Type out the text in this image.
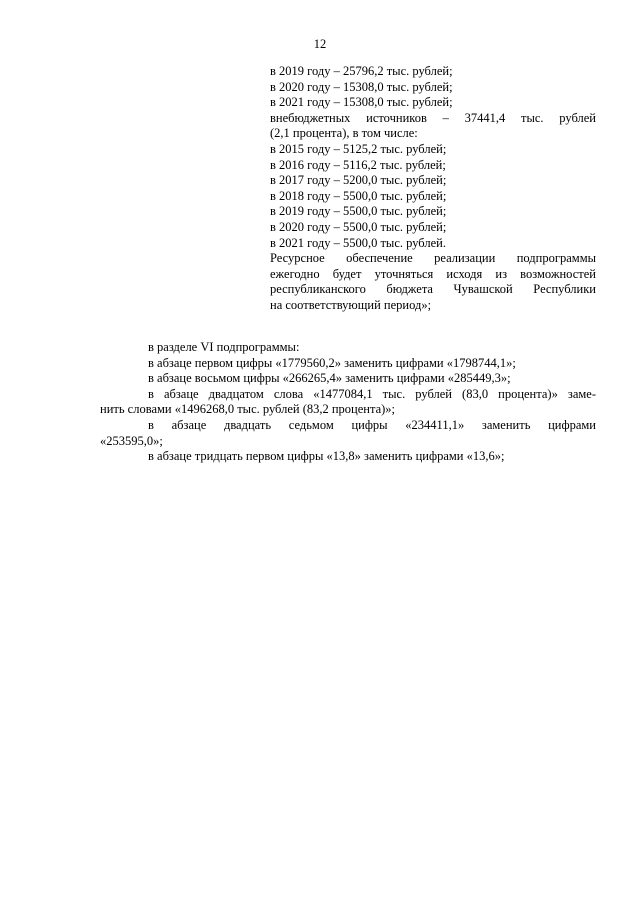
12
в 2019 году – 25796,2 тыс. рублей;
в 2020 году – 15308,0 тыс. рублей;
в 2021 году – 15308,0 тыс. рублей;
внебюджетных источников – 37441,4 тыс. рублей
(2,1 процента), в том числе:
в 2015 году – 5125,2 тыс. рублей;
в 2016 году – 5116,2 тыс. рублей;
в 2017 году – 5200,0 тыс. рублей;
в 2018 году – 5500,0 тыс. рублей;
в 2019 году – 5500,0 тыс. рублей;
в 2020 году – 5500,0 тыс. рублей;
в 2021 году – 5500,0 тыс. рублей.
Ресурсное обеспечение реализации подпрограммы
ежегодно будет уточняться исходя из возможностей
республиканского бюджета Чувашской Республики
на соответствующий период»;
в разделе VI подпрограммы:
в абзаце первом цифры «1779560,2» заменить цифрами «1798744,1»;
в абзаце восьмом цифры «266265,4» заменить цифрами «285449,3»;
в абзаце двадцатом слова «1477084,1 тыс. рублей (83,0 процента)» заме-
нить словами «1496268,0 тыс. рублей (83,2 процента)»;
в абзаце двадцать седьмом цифры «234411,1» заменить цифрами
«253595,0»;
в абзаце тридцать первом цифры «13,8» заменить цифрами «13,6»;
